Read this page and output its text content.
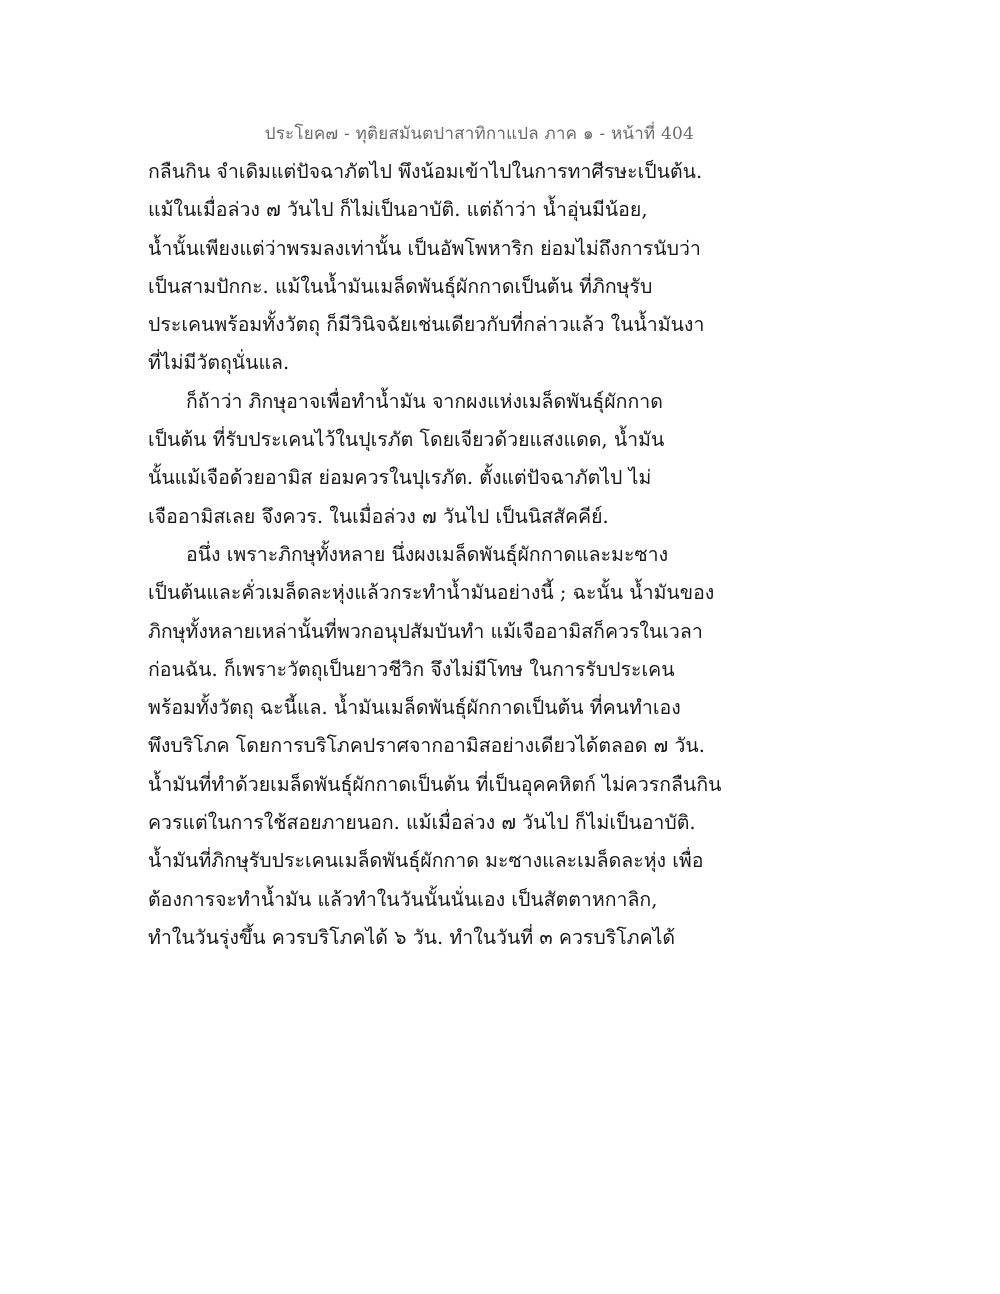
ประโยค๗ - ทุติยสมันตปาสาทิกาแปล ภาค ๑ - หน้าที่ 404
กลืนกิน จำเดิมแต่ปัจฉาภัตไป พึงน้อมเข้าไปในการทาศีรษะเป็นต้น.
แม้ในเมื่อล่วง ๗ วันไป ก็ไม่เป็นอาบัติ. แต่ถ้าว่า น้ำอุ่นมีน้อย,
น้ำนั้นเพียงแต่ว่าพรมลงเท่านั้น เป็นอัพโพหาริก ย่อมไม่ถึงการนับว่า
เป็นสามปักกะ. แม้ในน้ำมันเมล็ดพันธุ์ผักกาดเป็นต้น ที่ภิกษุรับ
ประเคนพร้อมทั้งวัตถุ ก็มีวินิจฉัยเช่นเดียวกับที่กล่าวแล้ว ในน้ำมันงา
ที่ไม่มีวัตถุนั่นแล.
ก็ถ้าว่า ภิกษุอาจเพื่อทำน้ำมัน จากผงแห่งเมล็ดพันธุ์ผักกาด
เป็นต้น ที่รับประเคนไว้ในปุเรภัต โดยเจียวด้วยแสงแดด, น้ำมัน
นั้นแม้เจือด้วยอามิส ย่อมควรในปุเรภัต. ตั้งแต่ปัจฉาภัตไป ไม่
เจืออามิสเลย จึงควร. ในเมื่อล่วง ๗ วันไป เป็นนิสสัคคีย์.
อนึ่ง เพราะภิกษุทั้งหลาย นึ่งผงเมล็ดพันธุ์ผักกาดและมะซาง
เป็นต้นและคั่วเมล็ดละหุ่งแล้วกระทำน้ำมันอย่างนี้ ; ฉะนั้น น้ำมันของ
ภิกษุทั้งหลายเหล่านั้นที่พวกอนุปสัมบันทำ แม้เจืออามิสก็ควรในเวลา
ก่อนฉัน. ก็เพราะวัตถุเป็นยาวชีวิก จึงไม่มีโทษ ในการรับประเคน
พร้อมทั้งวัตถุ ฉะนี้แล. น้ำมันเมล็ดพันธุ์ผักกาดเป็นต้น ที่คนทำเอง
พึงบริโภค โดยการบริโภคปราศจากอามิสอย่างเดียวได้ตลอด ๗ วัน.
น้ำมันที่ทำด้วยเมล็ดพันธุ์ผักกาดเป็นต้น ที่เป็นอุคคหิตก์ ไม่ควรกลืนกิน
ควรแต่ในการใช้สอยภายนอก. แม้เมื่อล่วง ๗ วันไป ก็ไม่เป็นอาบัติ.
น้ำมันที่ภิกษุรับประเคนเมล็ดพันธุ์ผักกาด มะซางและเมล็ดละหุ่ง เพื่อ
ต้องการจะทำน้ำมัน แล้วทำในวันนั้นนั่นเอง เป็นสัตตาหกาลิก,
ทำในวันรุ่งขึ้น ควรบริโภคได้ ๖ วัน. ทำในวันที่ ๓ ควรบริโภคได้
